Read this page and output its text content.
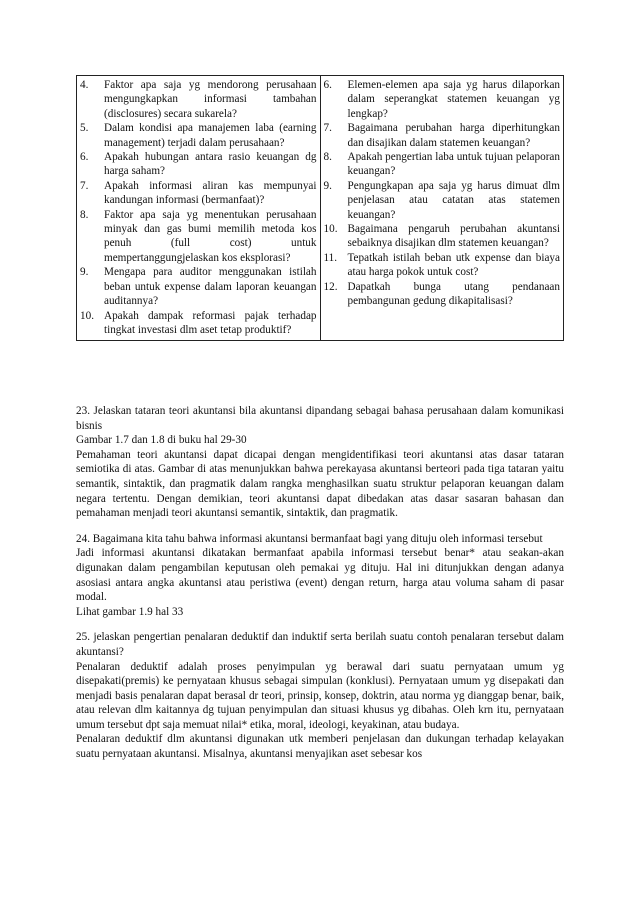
4.	Faktor apa saja yg mendorong perusahaan mengungkapkan informasi tambahan (disclosures) secara sukarela?
5.	Dalam kondisi apa manajemen laba (earning management) terjadi dalam perusahaan?
6.	Apakah hubungan antara rasio keuangan dg harga saham?
7.	Apakah informasi aliran kas mempunyai kandungan informasi (bermanfaat)?
8.	Faktor apa saja yg menentukan perusahaan minyak dan gas bumi memilih metoda kos penuh (full cost) untuk mempertanggungjelaskan kos eksplorasi?
9.	Mengapa para auditor menggunakan istilah beban untuk expense dalam laporan keuangan auditannya?
10. Apakah dampak reformasi pajak terhadap tingkat investasi dlm aset tetap produktif?

6.	Elemen-elemen apa saja yg harus dilaporkan dalam seperangkat statemen keuangan yg lengkap?
7.	Bagaimana perubahan harga diperhitungkan dan disajikan dalam statemen keuangan?
8.	Apakah pengertian laba untuk tujuan pelaporan keuangan?
9.	Pengungkapan apa saja yg harus dimuat dlm penjelasan atau catatan atas statemen keuangan?
10. Bagaimana pengaruh perubahan akuntansi sebaiknya disajikan dlm statemen keuangan?
11. Tepatkah istilah beban utk expense dan biaya atau harga pokok untuk cost?
12. Dapatkah bunga utang pendanaan pembangunan gedung dikapitalisasi?

23. Jelaskan tataran teori akuntansi bila akuntansi dipandang sebagai bahasa perusahaan dalam komunikasi bisnis

Gambar 1.7 dan 1.8 di buku hal 29-30

Pemahaman teori akuntansi dapat dicapai dengan mengidentifikasi teori akuntansi atas dasar tataran semiotika di atas. Gambar di atas menunjukkan bahwa perekayasa akuntansi berteori pada tiga tataran yaitu semantik, sintaktik, dan pragmatik dalam rangka menghasilkan suatu struktur pelaporan keuangan dalam negara tertentu. Dengan demikian, teori akuntansi dapat dibedakan atas dasar sasaran bahasan dan pemahaman menjadi teori akuntansi semantik, sintaktik, dan pragmatik.

24. Bagaimana kita tahu bahwa informasi akuntansi bermanfaat bagi yang dituju oleh informasi tersebut

Jadi informasi akuntansi dikatakan bermanfaat apabila informasi tersebut benar* atau seakan-akan digunakan dalam pengambilan keputusan oleh pemakai yg dituju. Hal ini ditunjukkan dengan adanya asosiasi antara angka akuntansi atau peristiwa (event) dengan return, harga atau voluma saham di pasar modal.

Lihat gambar 1.9 hal 33

25. jelaskan pengertian penalaran deduktif dan induktif serta berilah suatu contoh penalaran tersebut dalam akuntansi?

Penalaran deduktif adalah proses penyimpulan yg berawal dari suatu pernyataan umum yg disepakati(premis) ke pernyataan khusus sebagai simpulan (konklusi). Pernyataan umum yg disepakati dan menjadi basis penalaran dapat berasal dr teori, prinsip, konsep, doktrin, atau norma yg dianggap benar, baik, atau relevan dlm kaitannya dg tujuan penyimpulan dan situasi khusus yg dibahas. Oleh krn itu, pernyataan umum tersebut dpt saja memuat nilai* etika, moral, ideologi, keyakinan, atau budaya.

Penalaran deduktif dlm akuntansi digunakan utk memberi penjelasan dan dukungan terhadap kelayakan suatu pernyataan akuntansi. Misalnya, akuntansi menyajikan aset sebesar kos
